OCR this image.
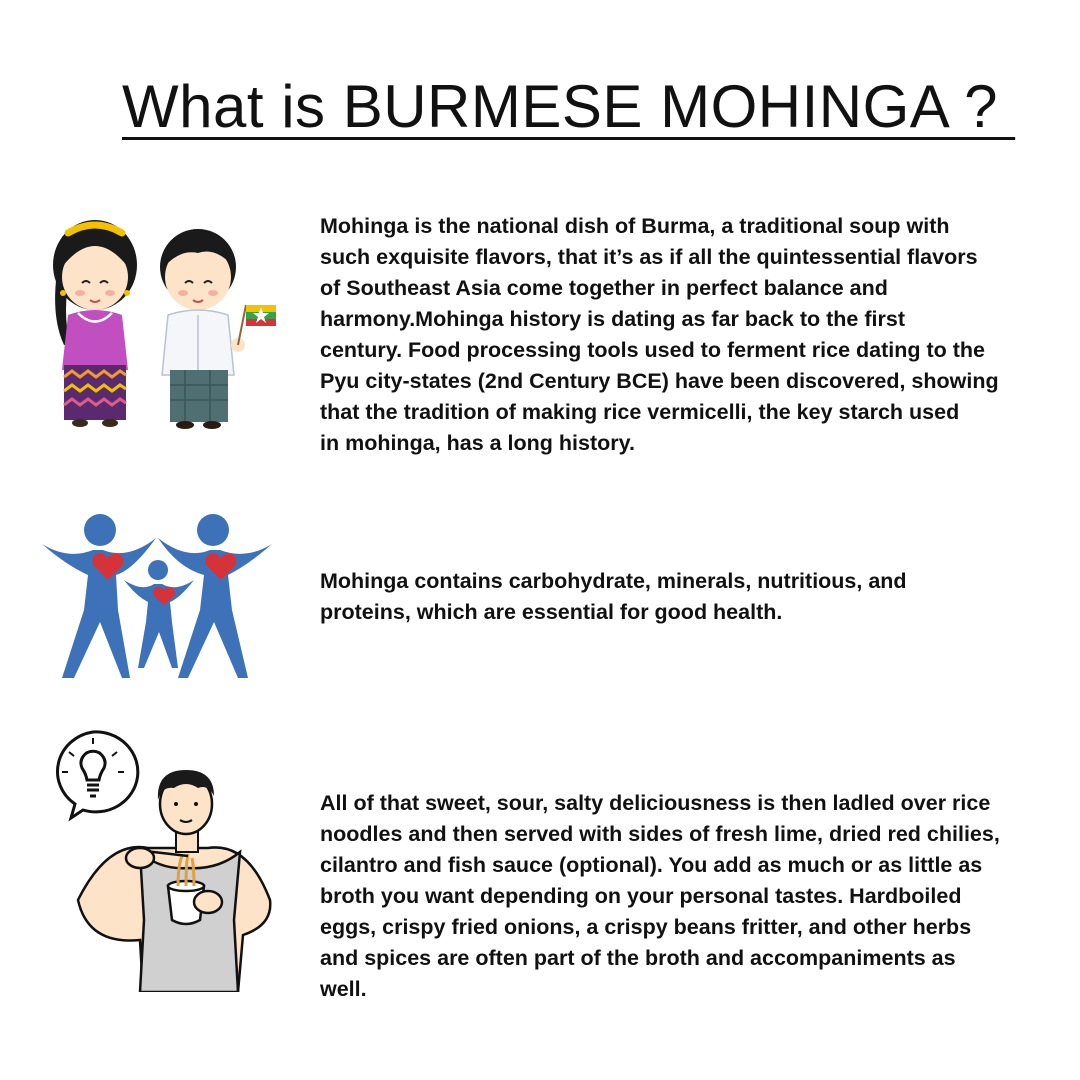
What is BURMESE MOHINGA ?

Mohinga is the national dish of Burma, a traditional soup with
such exquisite flavors, that it’s as if all the quintessential flavors
of Southeast Asia come together in perfect balance and
harmony.Mohinga history is dating as far back to the first
century. Food processing tools used to ferment rice dating to the
Pyu city-states (2nd Century BCE) have been discovered, showing
that the tradition of making rice vermicelli, the key starch used
in mohinga, has a long history.

Mohinga contains carbohydrate, minerals, nutritious, and
proteins, which are essential for good health.

All of that sweet, sour, salty deliciousness is then ladled over rice
noodles and then served with sides of fresh lime, dried red chilies,
cilantro and fish sauce (optional). You add as much or as little as
broth you want depending on your personal tastes. Hardboiled
eggs, crispy fried onions, a crispy beans fritter, and other herbs
and spices are often part of the broth and accompaniments as
well.
